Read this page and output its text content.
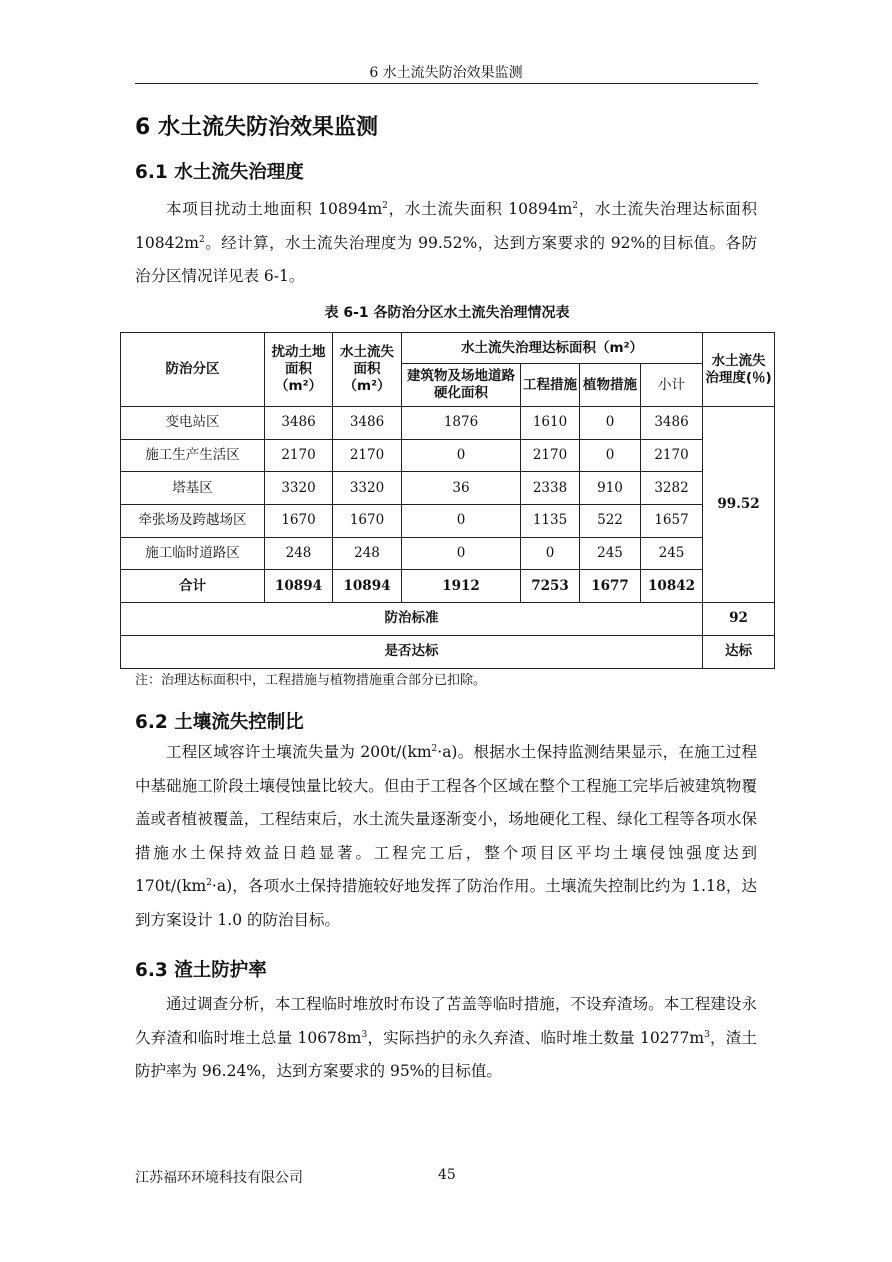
6 水土流失防治效果监测
6 水土流失防治效果监测
6.1 水土流失治理度

本项目扰动土地面积 $10894m^2$，水土流失面积 $10894m^2$，水土流失治理达标面积 $10842m^2$。经计算，水土流失治理度为 99.52%，达到方案要求的 92%的目标值。各防治分区情况详见表 6-1。

表 6-1 各防治分区水土流失治理情况表
防治分区	扰动土地面积（m²）	水土流失面积（m²）	水土流失治理达标面积（m²）				水土流失治理度(％)
			建筑物及场地道路硬化面积	工程措施	植物措施	小计	
变电站区	3486	3486	1876	1610	0	3486	99.52
施工生产生活区	2170	2170	0	2170	0	2170	
塔基区	3320	3320	36	2338	910	3282	
牵张场及跨越场区	1670	1670	0	1135	522	1657	
施工临时道路区	248	248	0	0	245	245	
合计	10894	10894	1912	7253	1677	10842	
防治标准							92
是否达标							达标
注：治理达标面积中，工程措施与植物措施重合部分已扣除。
6.2 土壤流失控制比

工程区域容许土壤流失量为 $200t/(km^2\cdot a)$。根据水土保持监测结果显示，在施工过程中基础施工阶段土壤侵蚀量比较大。但由于工程各个区域在整个工程施工完毕后被建筑物覆盖或者植被覆盖，工程结束后，水土流失量逐渐变小，场地硬化工程、绿化工程等各项水保措施水土保持效益日趋显著。工程完工后，整个项目区平均土壤侵蚀强度达到 $170t/(km^2\cdot a)$，各项水土保持措施较好地发挥了防治作用。土壤流失控制比约为 1.18，达到方案设计 1.0 的防治目标。

6.3 渣土防护率

通过调查分析，本工程临时堆放时布设了苫盖等临时措施，不设弃渣场。本工程建设永久弃渣和临时堆土总量 $10678m^3$，实际挡护的永久弃渣、临时堆土数量 $10277m^3$，渣土防护率为 96.24%，达到方案要求的 95%的目标值。

江苏福环环境科技有限公司	45
